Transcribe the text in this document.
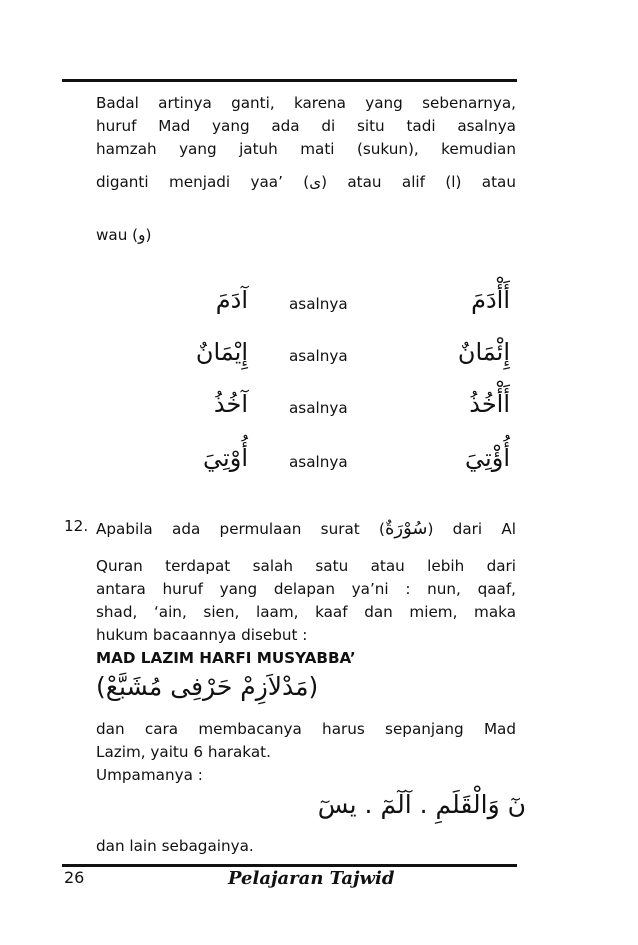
Badal artinya ganti, karena yang sebenarnya,
huruf Mad yang ada di situ tadi asalnya
hamzah yang jatuh mati (sukun), kemudian
diganti menjadi yaa’ (ى) atau alif (ا) atau
wau (و)
آدَمَ	asalnya	أَأْدَمَ
إِيْمَانٌ	asalnya	إِئْمَانٌ
آخُذُ	asalnya	أَأْخُذُ
أُوْتِيَ	asalnya	أُؤْتِيَ
12. Apabila ada permulaan surat (سُوْرَةٌ) dari Al
Quran terdapat salah satu atau lebih dari
antara huruf yang delapan ya’ni : nun, qaaf,
shad, ‘ain, sien, laam, kaaf dan miem, maka
hukum bacaannya disebut :
MAD LAZIM HARFI MUSYABBA’
(مَدْلاَزِمْ حَرْفِى مُشَبَّعْ)
dan cara membacanya harus sepanjang Mad
Lazim, yaitu 6 harakat.
Umpamanya :
نٓ وَالْقَلَمِ . آلٓمٓ . يسٓ
dan lain sebagainya.
26	Pelajaran Tajwid
